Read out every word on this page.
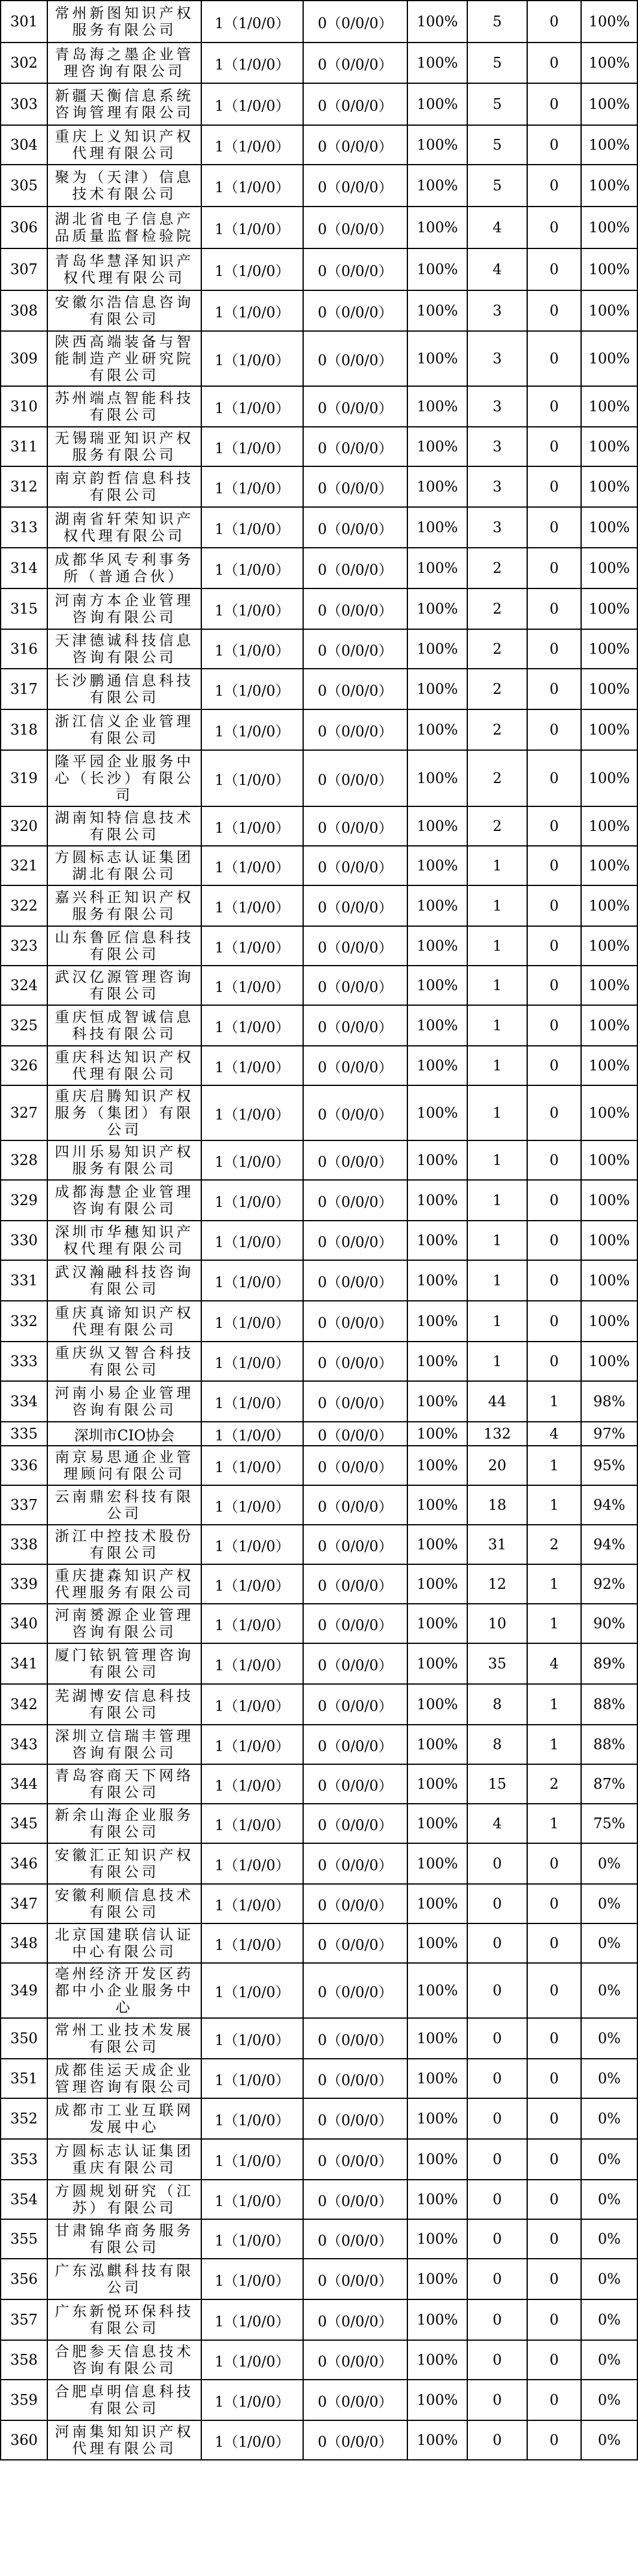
301	常州新图知识产权服务有限公司	1（1/0/0）	0（0/0/0）	100%	5	0	100%
302	青岛海之墨企业管理咨询有限公司	1（1/0/0）	0（0/0/0）	100%	5	0	100%
303	新疆天衡信息系统咨询管理有限公司	1（1/0/0）	0（0/0/0）	100%	5	0	100%
304	重庆上义知识产权代理有限公司	1（1/0/0）	0（0/0/0）	100%	5	0	100%
305	聚为（天津）信息技术有限公司	1（1/0/0）	0（0/0/0）	100%	5	0	100%
306	湖北省电子信息产品质量监督检验院	1（1/0/0）	0（0/0/0）	100%	4	0	100%
307	青岛华慧泽知识产权代理有限公司	1（1/0/0）	0（0/0/0）	100%	4	0	100%
308	安徽尔浩信息咨询有限公司	1（1/0/0）	0（0/0/0）	100%	3	0	100%
309	陕西高端装备与智能制造产业研究院有限公司	1（1/0/0）	0（0/0/0）	100%	3	0	100%
310	苏州端点智能科技有限公司	1（1/0/0）	0（0/0/0）	100%	3	0	100%
311	无锡瑞亚知识产权服务有限公司	1（1/0/0）	0（0/0/0）	100%	3	0	100%
312	南京韵哲信息科技有限公司	1（1/0/0）	0（0/0/0）	100%	3	0	100%
313	湖南省轩荣知识产权代理有限公司	1（1/0/0）	0（0/0/0）	100%	3	0	100%
314	成都华风专利事务所（普通合伙）	1（1/0/0）	0（0/0/0）	100%	2	0	100%
315	河南方本企业管理咨询有限公司	1（1/0/0）	0（0/0/0）	100%	2	0	100%
316	天津德诚科技信息咨询有限公司	1（1/0/0）	0（0/0/0）	100%	2	0	100%
317	长沙鹏通信息科技有限公司	1（1/0/0）	0（0/0/0）	100%	2	0	100%
318	浙江信义企业管理有限公司	1（1/0/0）	0（0/0/0）	100%	2	0	100%
319	隆平园企业服务中心（长沙）有限公司	1（1/0/0）	0（0/0/0）	100%	2	0	100%
320	湖南知特信息技术有限公司	1（1/0/0）	0（0/0/0）	100%	2	0	100%
321	方圆标志认证集团湖北有限公司	1（1/0/0）	0（0/0/0）	100%	1	0	100%
322	嘉兴科正知识产权服务有限公司	1（1/0/0）	0（0/0/0）	100%	1	0	100%
323	山东鲁匠信息科技有限公司	1（1/0/0）	0（0/0/0）	100%	1	0	100%
324	武汉亿源管理咨询有限公司	1（1/0/0）	0（0/0/0）	100%	1	0	100%
325	重庆恒成智诚信息科技有限公司	1（1/0/0）	0（0/0/0）	100%	1	0	100%
326	重庆科达知识产权代理有限公司	1（1/0/0）	0（0/0/0）	100%	1	0	100%
327	重庆启腾知识产权服务（集团）有限公司	1（1/0/0）	0（0/0/0）	100%	1	0	100%
328	四川乐易知识产权服务有限公司	1（1/0/0）	0（0/0/0）	100%	1	0	100%
329	成都海慧企业管理咨询有限公司	1（1/0/0）	0（0/0/0）	100%	1	0	100%
330	深圳市华穗知识产权代理有限公司	1（1/0/0）	0（0/0/0）	100%	1	0	100%
331	武汉瀚融科技咨询有限公司	1（1/0/0）	0（0/0/0）	100%	1	0	100%
332	重庆真谛知识产权代理有限公司	1（1/0/0）	0（0/0/0）	100%	1	0	100%
333	重庆纵又智合科技有限公司	1（1/0/0）	0（0/0/0）	100%	1	0	100%
334	河南小易企业管理咨询有限公司	1（1/0/0）	0（0/0/0）	100%	44	1	98%
335	深圳市CIO协会	1（1/0/0）	0（0/0/0）	100%	132	4	97%
336	南京易思通企业管理顾问有限公司	1（1/0/0）	0（0/0/0）	100%	20	1	95%
337	云南鼎宏科技有限公司	1（1/0/0）	0（0/0/0）	100%	18	1	94%
338	浙江中控技术股份有限公司	1（1/0/0）	0（0/0/0）	100%	31	2	94%
339	重庆捷森知识产权代理服务有限公司	1（1/0/0）	0（0/0/0）	100%	12	1	92%
340	河南赟源企业管理咨询有限公司	1（1/0/0）	0（0/0/0）	100%	10	1	90%
341	厦门铱钒管理咨询有限公司	1（1/0/0）	0（0/0/0）	100%	35	4	89%
342	芜湖博安信息科技有限公司	1（1/0/0）	0（0/0/0）	100%	8	1	88%
343	深圳立信瑞丰管理咨询有限公司	1（1/0/0）	0（0/0/0）	100%	8	1	88%
344	青岛容商天下网络有限公司	1（1/0/0）	0（0/0/0）	100%	15	2	87%
345	新余山海企业服务有限公司	1（1/0/0）	0（0/0/0）	100%	4	1	75%
346	安徽汇正知识产权有限公司	1（1/0/0）	0（0/0/0）	100%	0	0	0%
347	安徽利顺信息技术有限公司	1（1/0/0）	0（0/0/0）	100%	0	0	0%
348	北京国建联信认证中心有限公司	1（1/0/0）	0（0/0/0）	100%	0	0	0%
349	亳州经济开发区药都中小企业服务中心	1（1/0/0）	0（0/0/0）	100%	0	0	0%
350	常州工业技术发展有限公司	1（1/0/0）	0（0/0/0）	100%	0	0	0%
351	成都佳运天成企业管理咨询有限公司	1（1/0/0）	0（0/0/0）	100%	0	0	0%
352	成都市工业互联网发展中心	1（1/0/0）	0（0/0/0）	100%	0	0	0%
353	方圆标志认证集团重庆有限公司	1（1/0/0）	0（0/0/0）	100%	0	0	0%
354	方圆规划研究（江苏）有限公司	1（1/0/0）	0（0/0/0）	100%	0	0	0%
355	甘肃锦华商务服务有限公司	1（1/0/0）	0（0/0/0）	100%	0	0	0%
356	广东泓麒科技有限公司	1（1/0/0）	0（0/0/0）	100%	0	0	0%
357	广东新悦环保科技有限公司	1（1/0/0）	0（0/0/0）	100%	0	0	0%
358	合肥参天信息技术咨询有限公司	1（1/0/0）	0（0/0/0）	100%	0	0	0%
359	合肥卓明信息科技有限公司	1（1/0/0）	0（0/0/0）	100%	0	0	0%
360	河南集知知识产权代理有限公司	1（1/0/0）	0（0/0/0）	100%	0	0	0%
